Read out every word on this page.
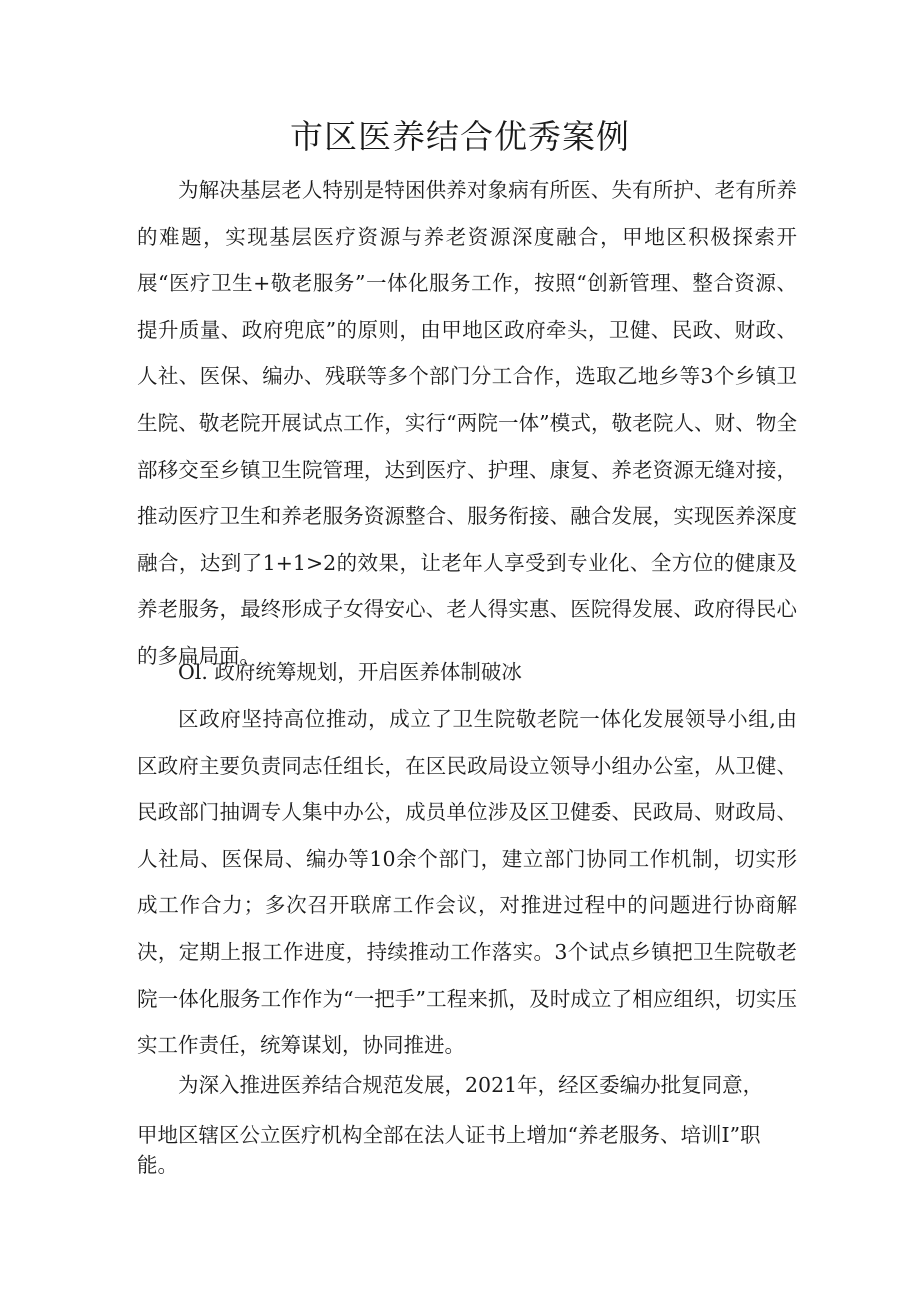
市区医养结合优秀案例

为解决基层老人特别是特困供养对象病有所医、失有所护、老有所养的难题，实现基层医疗资源与养老资源深度融合，甲地区积极探索开展“医疗卫生+敬老服务”一体化服务工作，按照“创新管理、整合资源、提升质量、政府兜底”的原则，由甲地区政府牵头，卫健、民政、财政、人社、医保、编办、残联等多个部门分工合作，选取乙地乡等3个乡镇卫生院、敬老院开展试点工作，实行“两院一体”模式，敬老院人、财、物全部移交至乡镇卫生院管理，达到医疗、护理、康复、养老资源无缝对接，推动医疗卫生和养老服务资源整合、服务衔接、融合发展，实现医养深度融合，达到了1+1>2的效果，让老年人享受到专业化、全方位的健康及养老服务，最终形成子女得安心、老人得实惠、医院得发展、政府得民心的多扁局面。

Ol. 政府统筹规划，开启医养体制破冰

区政府坚持高位推动，成立了卫生院敬老院一体化发展领导小组,由区政府主要负责同志任组长，在区民政局设立领导小组办公室，从卫健、民政部门抽调专人集中办公，成员单位涉及区卫健委、民政局、财政局、人社局、医保局、编办等10余个部门，建立部门协同工作机制，切实形成工作合力；多次召开联席工作会议，对推进过程中的问题进行协商解决，定期上报工作进度，持续推动工作落实。3个试点乡镇把卫生院敬老院一体化服务工作作为“一把手”工程来抓，及时成立了相应组织，切实压实工作责任，统筹谋划，协同推进。

为深入推进医养结合规范发展，2021年，经区委编办批复同意，

甲地区辖区公立医疗机构全部在法人证书上增加“养老服务、培训I”职能。
